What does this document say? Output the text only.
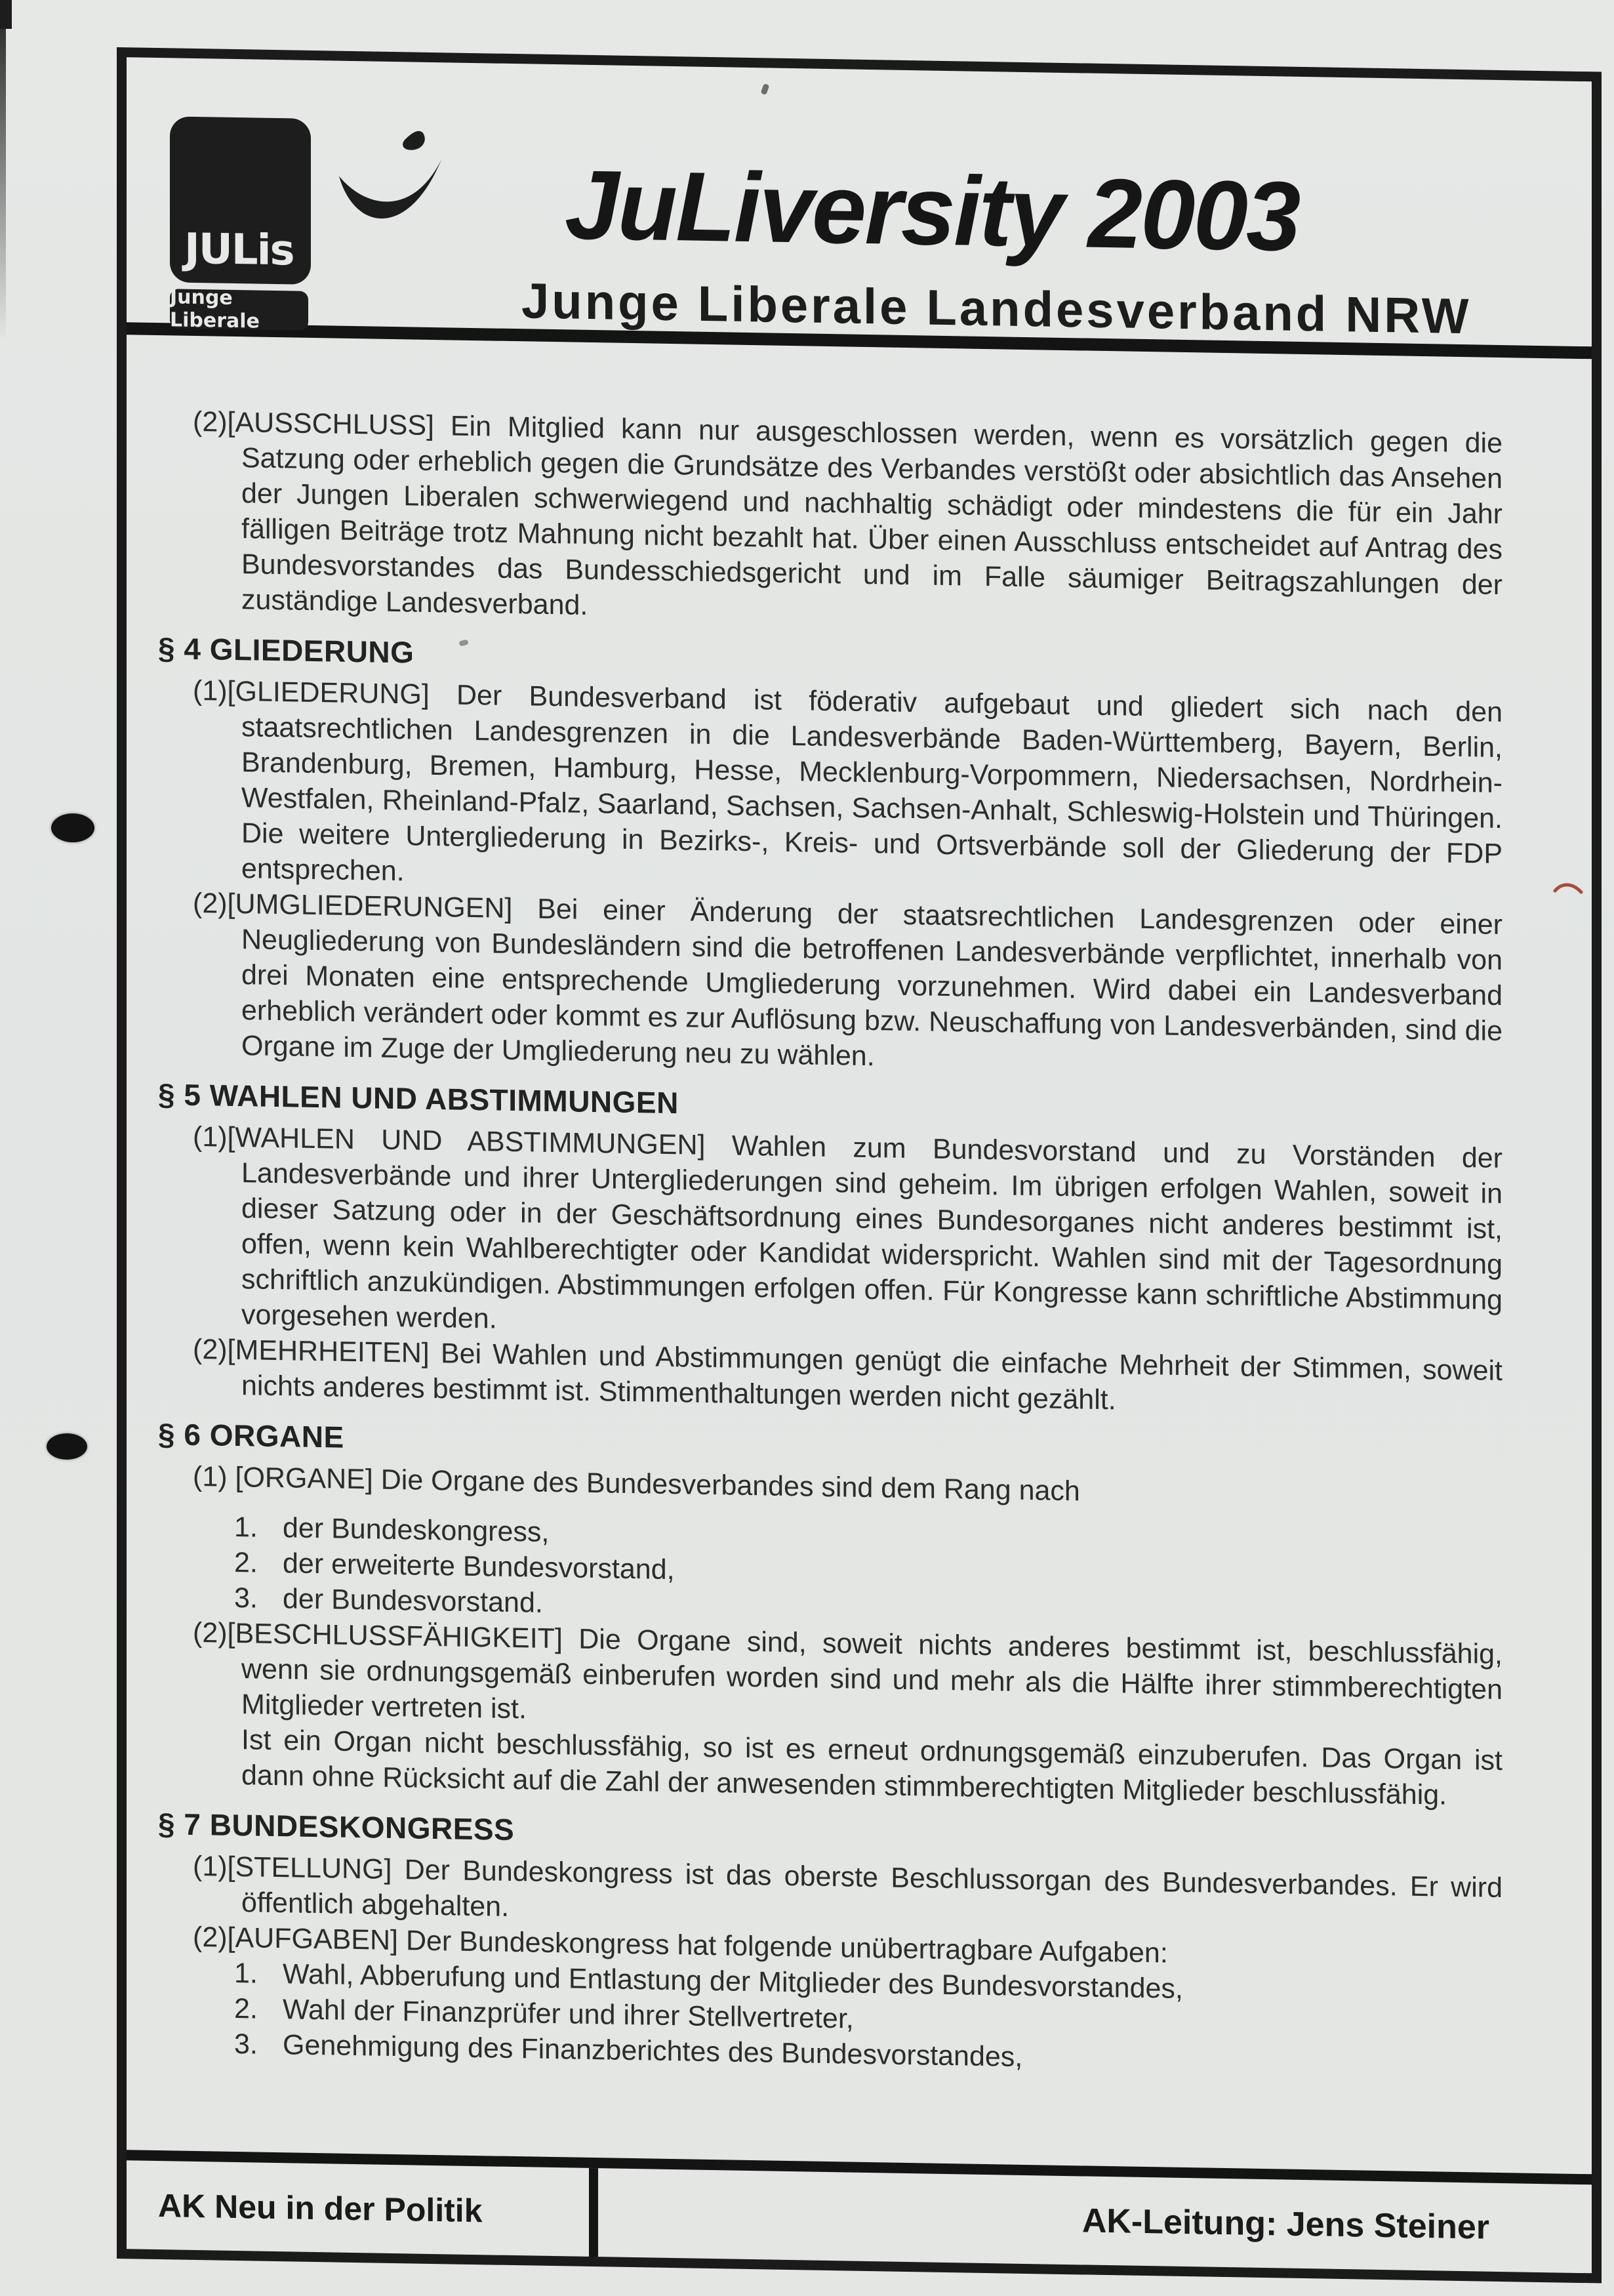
JULis
Junge Liberale
JuLiversity 2003
Junge Liberale Landesverband NRW
(2)[AUSSCHLUSS] Ein Mitglied kann nur ausgeschlossen werden, wenn es vorsätzlich gegen die Satzung oder erheblich gegen die Grundsätze des Verbandes verstößt oder absichtlich das Ansehen der Jungen Liberalen schwerwiegend und nachhaltig schädigt oder mindestens die für ein Jahr fälligen Beiträge trotz Mahnung nicht bezahlt hat. Über einen Ausschluss entscheidet auf Antrag des Bundesvorstandes das Bundesschiedsgericht und im Falle säumiger Beitragszahlungen der zuständige Landesverband.
§ 4 GLIEDERUNG
(1)[GLIEDERUNG] Der Bundesverband ist föderativ aufgebaut und gliedert sich nach den staatsrechtlichen Landesgrenzen in die Landesverbände Baden-Württemberg, Bayern, Berlin, Brandenburg, Bremen, Hamburg, Hesse, Mecklenburg-Vorpommern, Niedersachsen, Nordrhein-Westfalen, Rheinland-Pfalz, Saarland, Sachsen, Sachsen-Anhalt, Schleswig-Holstein und Thüringen. Die weitere Untergliederung in Bezirks-, Kreis- und Ortsverbände soll der Gliederung der FDP entsprechen.
(2)[UMGLIEDERUNGEN] Bei einer Änderung der staatsrechtlichen Landesgrenzen oder einer Neugliederung von Bundesländern sind die betroffenen Landesverbände verpflichtet, innerhalb von drei Monaten eine entsprechende Umgliederung vorzunehmen. Wird dabei ein Landesverband erheblich verändert oder kommt es zur Auflösung bzw. Neuschaffung von Landesverbänden, sind die Organe im Zuge der Umgliederung neu zu wählen.
§ 5 WAHLEN UND ABSTIMMUNGEN
(1)[WAHLEN UND ABSTIMMUNGEN] Wahlen zum Bundesvorstand und zu Vorständen der Landesverbände und ihrer Untergliederungen sind geheim. Im übrigen erfolgen Wahlen, soweit in dieser Satzung oder in der Geschäftsordnung eines Bundesorganes nicht anderes bestimmt ist, offen, wenn kein Wahlberechtigter oder Kandidat widerspricht. Wahlen sind mit der Tagesordnung schriftlich anzukündigen. Abstimmungen erfolgen offen. Für Kongresse kann schriftliche Abstimmung vorgesehen werden.
(2)[MEHRHEITEN] Bei Wahlen und Abstimmungen genügt die einfache Mehrheit der Stimmen, soweit nichts anderes bestimmt ist. Stimmenthaltungen werden nicht gezählt.
§ 6 ORGANE
(1) [ORGANE] Die Organe des Bundesverbandes sind dem Rang nach
1. der Bundeskongress,
2. der erweiterte Bundesvorstand,
3. der Bundesvorstand.
(2)[BESCHLUSSFÄHIGKEIT] Die Organe sind, soweit nichts anderes bestimmt ist, beschlussfähig, wenn sie ordnungsgemäß einberufen worden sind und mehr als die Hälfte ihrer stimmberechtigten Mitglieder vertreten ist.
Ist ein Organ nicht beschlussfähig, so ist es erneut ordnungsgemäß einzuberufen. Das Organ ist dann ohne Rücksicht auf die Zahl der anwesenden stimmberechtigten Mitglieder beschlussfähig.
§ 7 BUNDESKONGRESS
(1)[STELLUNG] Der Bundeskongress ist das oberste Beschlussorgan des Bundesverbandes. Er wird öffentlich abgehalten.
(2)[AUFGABEN] Der Bundeskongress hat folgende unübertragbare Aufgaben:
1. Wahl, Abberufung und Entlastung der Mitglieder des Bundesvorstandes,
2. Wahl der Finanzprüfer und ihrer Stellvertreter,
3. Genehmigung des Finanzberichtes des Bundesvorstandes,
AK Neu in der Politik	AK-Leitung: Jens Steiner
